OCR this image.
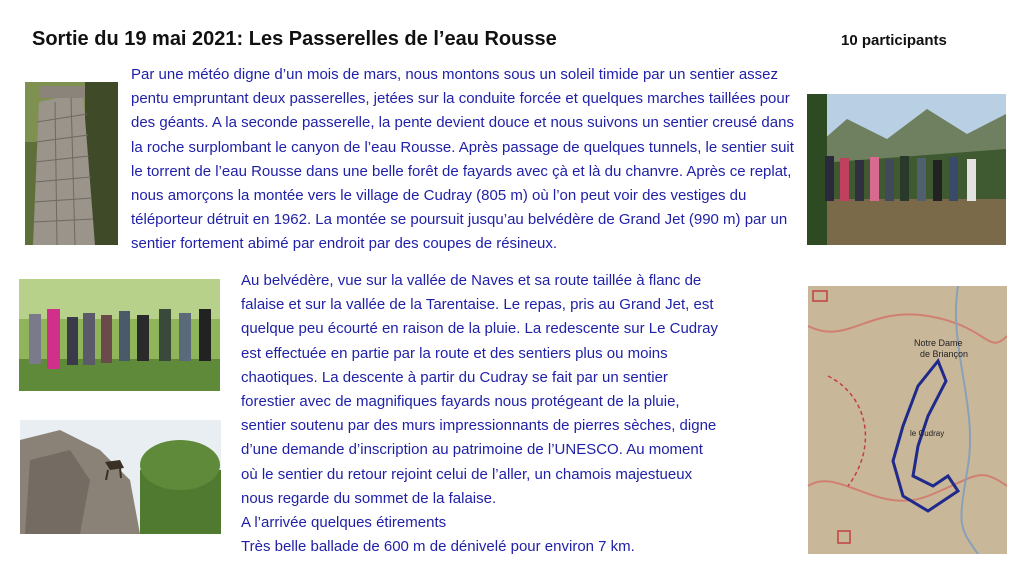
Sortie du 19 mai 2021: Les Passerelles de l’eau Rousse	10 participants

Par une météo digne d’un mois de mars, nous montons sous un soleil timide par un sentier assez pentu empruntant deux passerelles, jetées sur la conduite forcée et quelques marches taillées pour des géants. A la seconde passerelle, la pente devient douce et nous suivons un sentier creusé dans la roche surplombant le canyon de l’eau Rousse. Après passage de quelques tunnels, le sentier suit le torrent de l’eau Rousse dans une belle forêt de fayards avec çà et là du chanvre. Après ce replat, nous amorçons la montée vers le village de Cudray (805 m) où l’on peut voir des vestiges du téléporteur détruit en 1962. La montée se poursuit jusqu’au belvédère de Grand Jet (990 m) par un sentier fortement abimé par endroit par des coupes de résineux.

Au belvédère, vue sur la vallée de Naves et sa route taillée à flanc de
falaise et sur la vallée de la Tarentaise. Le repas, pris au Grand Jet, est
quelque peu écourté en raison de la pluie. La redescente sur Le Cudray
est effectuée en partie par la route et des sentiers plus ou moins
chaotiques. La descente à partir du Cudray se fait par un sentier
forestier avec de magnifiques fayards nous protégeant de la pluie,
sentier soutenu par des murs impressionnants de pierres sèches, digne
d’une demande d’inscription au patrimoine de l’UNESCO. Au moment
où le sentier du retour rejoint celui de l’aller, un chamois majestueux
nous regarde du sommet de la falaise.
A l’arrivée quelques étirements
Très belle ballade de 600 m de dénivelé pour environ 7 km.
Notre Dame
de Briançon
le Cudray
